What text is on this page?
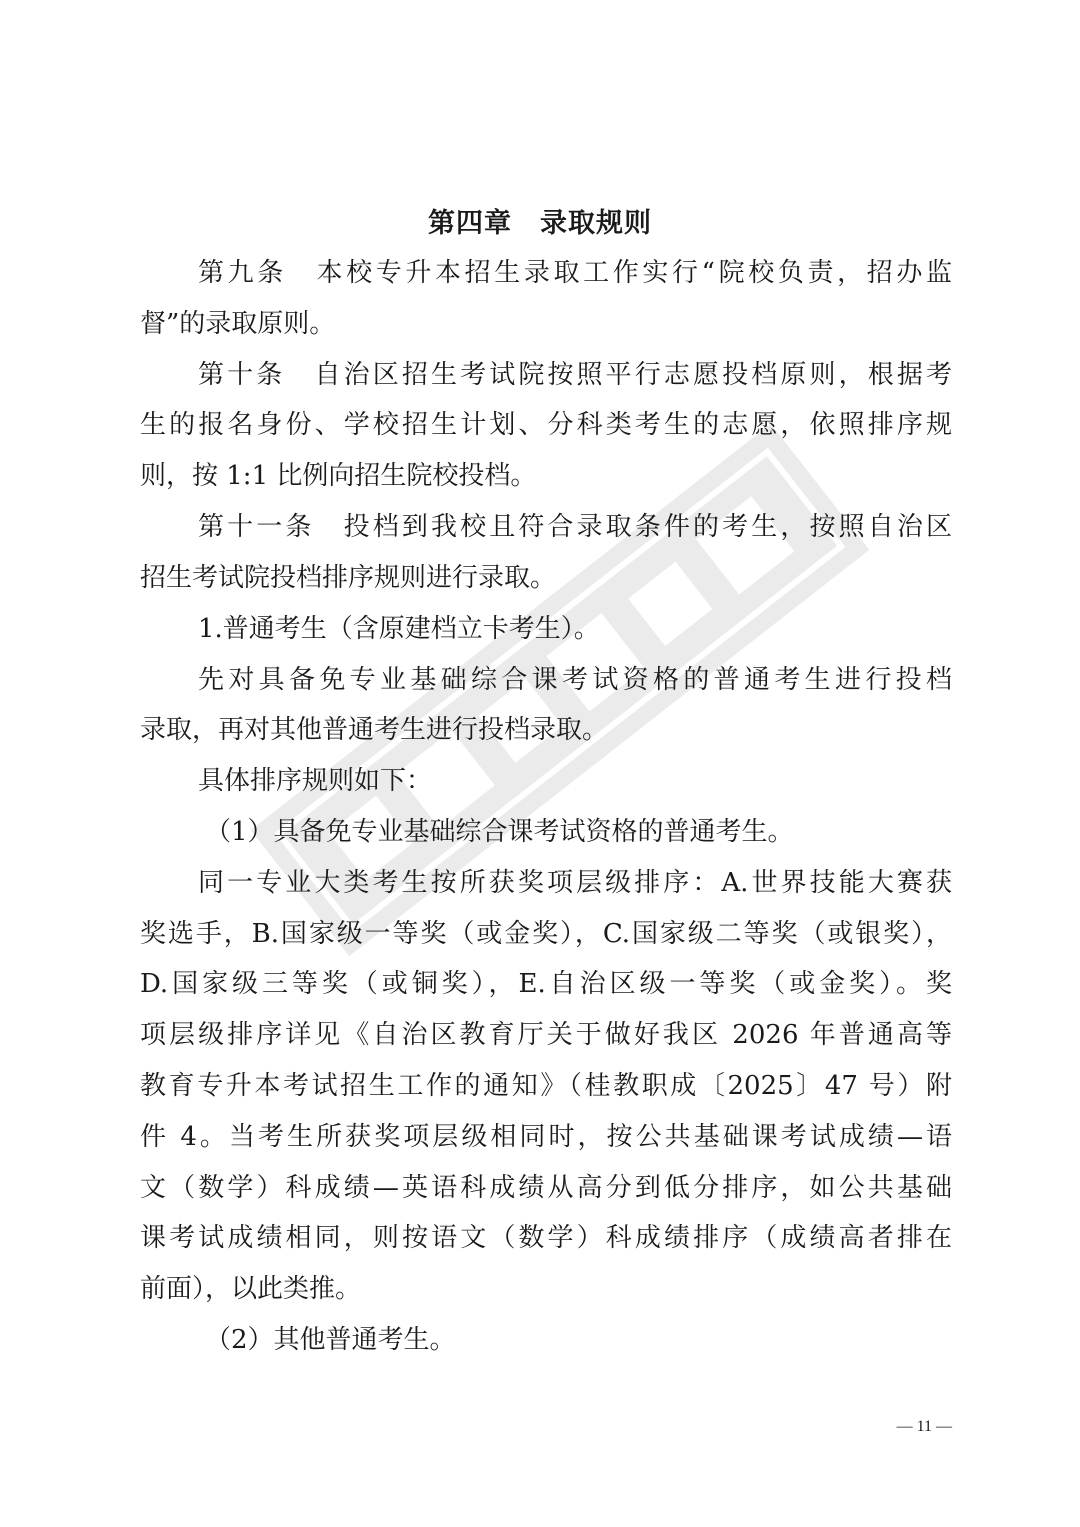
第四章　录取规则
第九条　本校专升本招生录取工作实行“院校负责，招办监
督”的录取原则。
第十条　自治区招生考试院按照平行志愿投档原则，根据考
生的报名身份、学校招生计划、分科类考生的志愿，依照排序规
则，按 1:1 比例向招生院校投档。
第十一条　投档到我校且符合录取条件的考生，按照自治区
招生考试院投档排序规则进行录取。
1.普通考生（含原建档立卡考生）。
先对具备免专业基础综合课考试资格的普通考生进行投档
录取，再对其他普通考生进行投档录取。
具体排序规则如下：
（1）具备免专业基础综合课考试资格的普通考生。
同一专业大类考生按所获奖项层级排序：A.世界技能大赛获
奖选手，B.国家级一等奖（或金奖），C.国家级二等奖（或银奖），
D.国家级三等奖（或铜奖），E.自治区级一等奖（或金奖）。奖
项层级排序详见《自治区教育厅关于做好我区 2026 年普通高等
教育专升本考试招生工作的通知》（桂教职成〔2025〕47 号）附
件 4。当考生所获奖项层级相同时，按公共基础课考试成绩—语
文（数学）科成绩—英语科成绩从高分到低分排序，如公共基础
课考试成绩相同，则按语文（数学）科成绩排序（成绩高者排在
前面），以此类推。
（2）其他普通考生。
— 11 —
